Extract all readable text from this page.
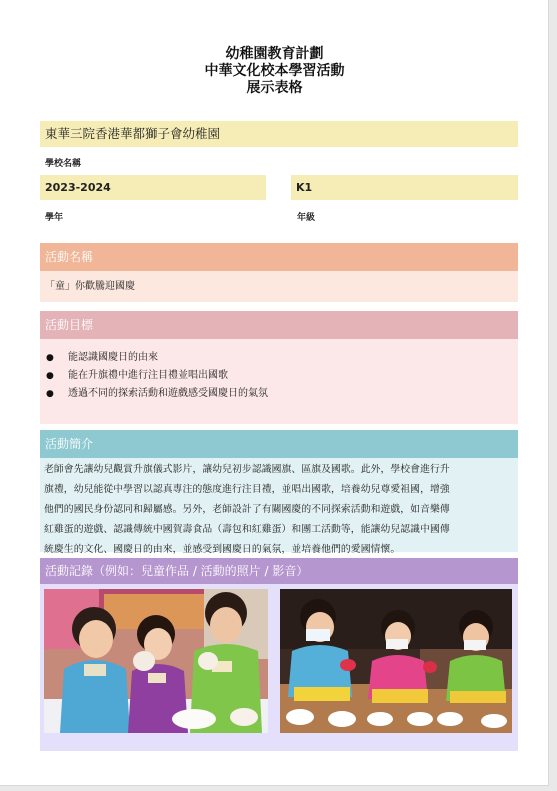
幼稚園教育計劃
中華文化校本學習活動
展示表格
東華三院香港華都獅子會幼稚園
學校名稱
2023-2024
學年
K1
年級
活動名稱
「童」你歡騰迎國慶
活動目標
● 能認識國慶日的由來
● 能在升旗禮中進行注目禮並唱出國歌
● 透過不同的探索活動和遊戲感受國慶日的氣氛
活動簡介
老師會先讓幼兒觀賞升旗儀式影片，讓幼兒初步認識國旗、區旗及國歌。此外，學校會進行升
旗禮，幼兒能從中學習以認真專注的態度進行注目禮，並唱出國歌，培養幼兒尊愛祖國，增強
他們的國民身份認同和歸屬感。另外，老師設計了有關國慶的不同探索活動和遊戲，如音樂傳
紅雞蛋的遊戲、認識傳統中國賀壽食品（壽包和紅雞蛋）和團工活動等，能讓幼兒認識中國傳
統慶生的文化、國慶日的由來，並感受到國慶日的氣氛，並培養他們的愛國情懷。
活動記錄（例如：兒童作品 / 活動的照片 / 影音）
